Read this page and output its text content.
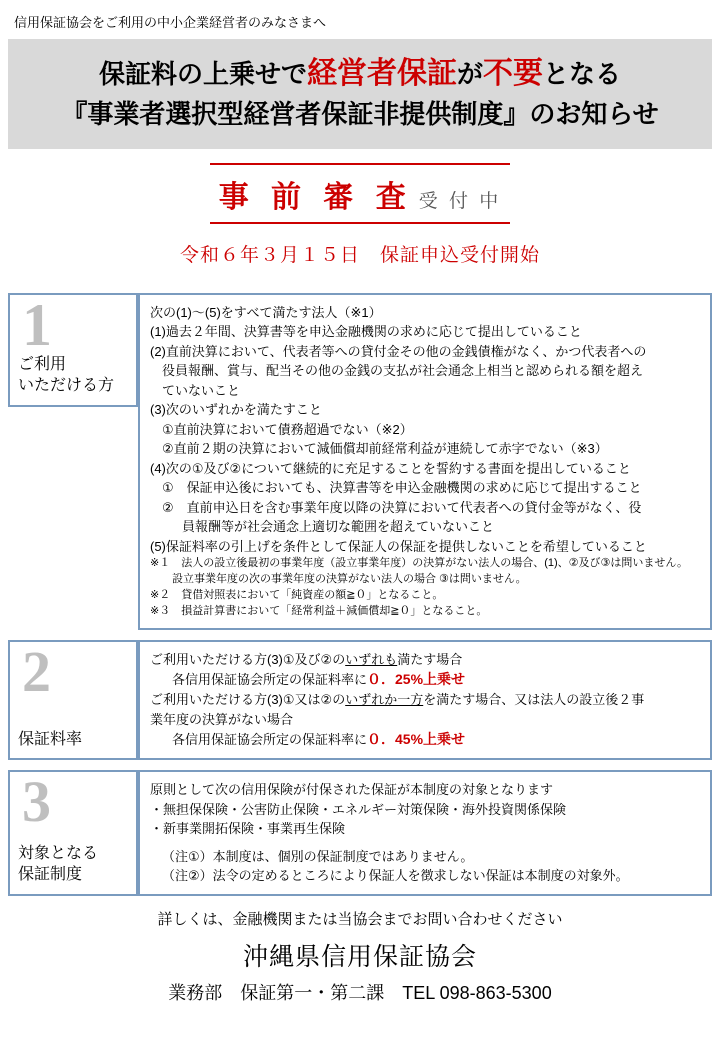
信用保証協会をご利用の中小企業経営者のみなさまへ
保証料の上乗せで経営者保証が不要となる
『事業者選択型経営者保証非提供制度』のお知らせ
事 前 審 査 受 付 中
令和６年３月１５日　保証申込受付開始
1
ご利用
いただける方

次の(1)～(5)をすべて満たす法人（※1）

(1)過去２年間、決算書等を申込金融機関の求めに応じて提出していること

(2)直前決算において、代表者等への貸付金その他の金銭債権がなく、かつ代表者への

役員報酬、賞与、配当その他の金銭の支払が社会通念上相当と認められる額を超え

ていないこと

(3)次のいずれかを満たすこと

①直前決算において債務超過でない（※2）

②直前２期の決算において減価償却前経常利益が連続して赤字でない（※3）

(4)次の①及び②について継続的に充足することを誓約する書面を提出していること

①　保証申込後においても、決算書等を申込金融機関の求めに応じて提出すること

②　直前申込日を含む事業年度以降の決算において代表者への貸付金等がなく、役

員報酬等が社会通念上適切な範囲を超えていないこと

(5)保証料率の引上げを条件として保証人の保証を提供しないことを希望していること

※１　法人の設立後最初の事業年度（設立事業年度）の決算がない法人の場合、(1)、②及び③は問いません。

設立事業年度の次の事業年度の決算がない法人の場合 ③は問いません。

※２　貸借対照表において「純資産の額≧０」となること。

※３　損益計算書において「経常利益＋減価償却≧０」となること。

2
保証料率

ご利用いただける方(3)①及び②のいずれも満たす場合

各信用保証協会所定の保証料率に０．25%上乗せ

ご利用いただける方(3)①又は②のいずれか一方を満たす場合、又は法人の設立後２事

業年度の決算がない場合

各信用保証協会所定の保証料率に０．45%上乗せ

3
対象となる
保証制度

原則として次の信用保険が付保された保証が本制度の対象となります

・無担保保険・公害防止保険・エネルギー対策保険・海外投資関係保険

・新事業開拓保険・事業再生保険

（注①）本制度は、個別の保証制度ではありません。

（注②）法令の定めるところにより保証人を徴求しない保証は本制度の対象外。

詳しくは、金融機関または当協会までお問い合わせください
沖縄県信用保証協会
業務部　保証第一・第二課　TEL 098-863-5300
